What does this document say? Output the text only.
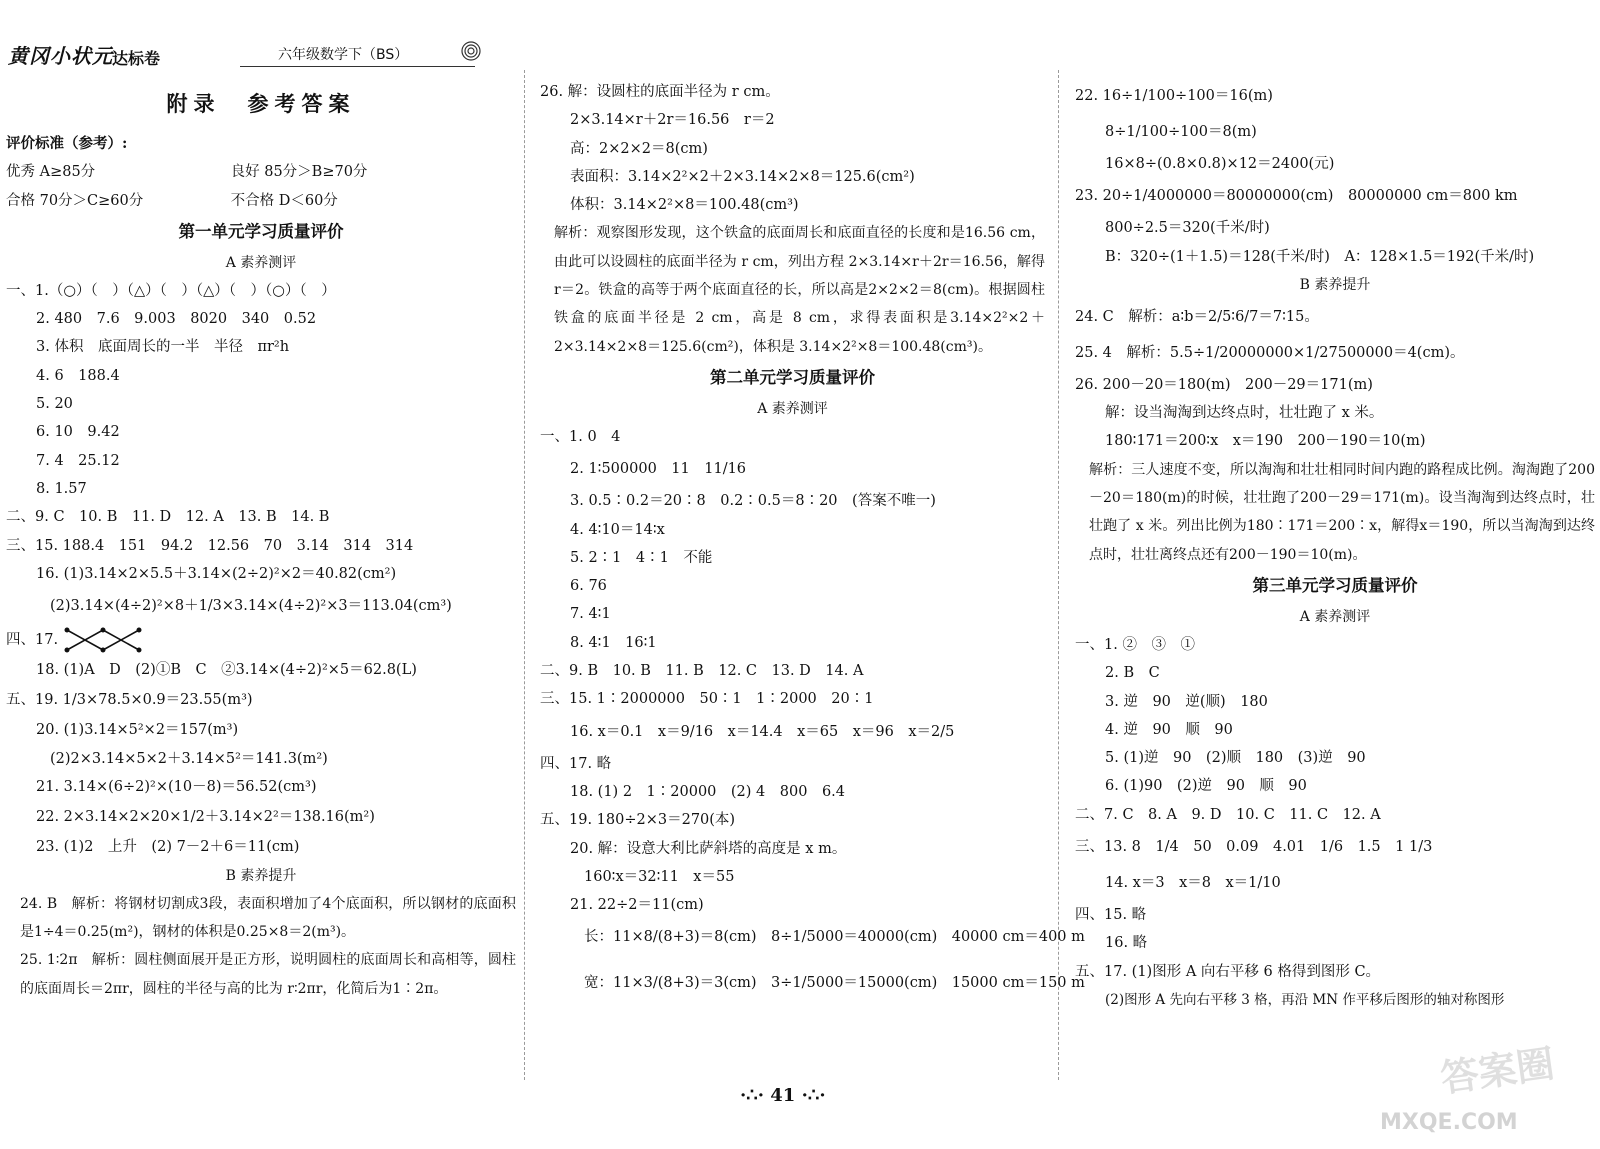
黄冈小状元 达标卷	六年级数学下（BS）
附录　参考答案
评价标准（参考）:
优秀 A≥85分	良好 85分＞B≥70分
合格 70分＞C≥60分	不合格 D＜60分
第一单元学习质量评价
A 素养测评
一、1.（○）（　）（△）（　）（△）（　）（○）（　）
2. 480　7.6　9.003　8020　340　0.52
3. 体积　底面周长的一半　半径　πr²h
4. 6　188.4
5. 20
6. 10　9.42
7. 4　25.12
8. 1.57
二、9. C　10. B　11. D　12. A　13. B　14. B
三、15. 188.4　151　94.2　12.56　70　3.14　314　314
16. (1)3.14×2×5.5＋3.14×(2÷2)²×2＝40.82(cm²)
(2)3.14×(4÷2)²×8＋1/3×3.14×(4÷2)²×3＝113.04(cm³)
四、17.
18. (1)A　D　(2)①B　C　②3.14×(4÷2)²×5＝62.8(L)
五、19. 1/3×78.5×0.9＝23.55(m³)
20. (1)3.14×5²×2＝157(m³)
(2)2×3.14×5×2＋3.14×5²＝141.3(m²)
21. 3.14×(6÷2)²×(10－8)＝56.52(cm³)
22. 2×3.14×2×20×1/2＋3.14×2²＝138.16(m²)
23. (1)2　上升　(2) 7－2＋6＝11(cm)
B 素养提升
24. B　解析：将钢材切割成3段，表面积增加了4个底面积，所以钢材的底面积是1÷4＝0.25(m²)，钢材的体积是0.25×8＝2(m³)。
25. 1∶2π　解析：圆柱侧面展开是正方形，说明圆柱的底面周长和高相等，圆柱的底面周长＝2πr，圆柱的半径与高的比为 r∶2πr，化简后为1∶2π。
26. 解：设圆柱的底面半径为 r cm。
2×3.14×r＋2r＝16.56　r＝2
高：2×2×2＝8(cm)
表面积：3.14×2²×2＋2×3.14×2×8＝125.6(cm²)
体积：3.14×2²×8＝100.48(cm³)
解析：观察图形发现，这个铁盒的底面周长和底面直径的长度和是16.56 cm，由此可以设圆柱的底面半径为 r cm，列出方程 2×3.14×r＋2r＝16.56，解得 r＝2。铁盒的高等于两个底面直径的长，所以高是2×2×2＝8(cm)。根据圆柱铁盒的底面半径是 2 cm，高是 8 cm，求得表面积是3.14×2²×2＋2×3.14×2×8＝125.6(cm²)，体积是 3.14×2²×8＝100.48(cm³)。
第二单元学习质量评价
A 素养测评
一、1. 0　4
2. 1∶500000　11　11/16
3. 0.5∶0.2＝20∶8　0.2∶0.5＝8∶20　(答案不唯一)
4. 4∶10＝14∶x
5. 2∶1　4∶1　不能
6. 76
7. 4∶1
8. 4∶1　16∶1
二、9. B　10. B　11. B　12. C　13. D　14. A
三、15. 1∶2000000　50∶1　1∶2000　20∶1
16. x＝0.1　x＝9/16　x＝14.4　x＝65　x＝96　x＝2/5
四、17. 略
18. (1) 2　1∶20000　(2) 4　800　6.4
五、19. 180÷2×3＝270(本)
20. 解：设意大利比萨斜塔的高度是 x m。
160∶x＝32∶11　x＝55
21. 22÷2＝11(cm)
长：11×8/(8+3)＝8(cm)　8÷1/5000＝40000(cm)　40000 cm＝400 m
宽：11×3/(8+3)＝3(cm)　3÷1/5000＝15000(cm)　15000 cm＝150 m
22. 16÷1/100÷100＝16(m)
8÷1/100÷100＝8(m)
16×8÷(0.8×0.8)×12＝2400(元)
23. 20÷1/4000000＝80000000(cm)　80000000 cm＝800 km
800÷2.5＝320(千米/时)
B：320÷(1＋1.5)＝128(千米/时)　A：128×1.5＝192(千米/时)
B 素养提升
24. C　解析：a∶b＝2/5∶6/7＝7∶15。
25. 4　解析：5.5÷1/20000000×1/27500000＝4(cm)。
26. 200－20＝180(m)　200－29＝171(m)
解：设当淘淘到达终点时，壮壮跑了 x 米。
180∶171＝200∶x　x＝190　200－190＝10(m)
解析：三人速度不变，所以淘淘和壮壮相同时间内跑的路程成比例。淘淘跑了200－20＝180(m)的时候，壮壮跑了200－29＝171(m)。设当淘淘到达终点时，壮壮跑了 x 米。列出比例为180∶171＝200∶x，解得x＝190，所以当淘淘到达终点时，壮壮离终点还有200－190＝10(m)。
第三单元学习质量评价
A 素养测评
一、1. ②　③　①
2. B　C
3. 逆　90　逆(顺)　180
4. 逆　90　顺　90
5. (1)逆　90　(2)顺　180　(3)逆　90
6. (1)90　(2)逆　90　顺　90
二、7. C　8. A　9. D　10. C　11. C　12. A
三、13. 8　1/4　50　0.09　4.01　1/6　1.5　1 1/3
14. x＝3　x＝8　x＝1/10
四、15. 略
16. 略
五、17. (1)图形 A 向右平移 6 格得到图形 C。
(2)图形 A 先向右平移 3 格，再沿 MN 作平移后图形的轴对称图形
·∴· 41 ·∴·	答案圈
MXQE.COM
